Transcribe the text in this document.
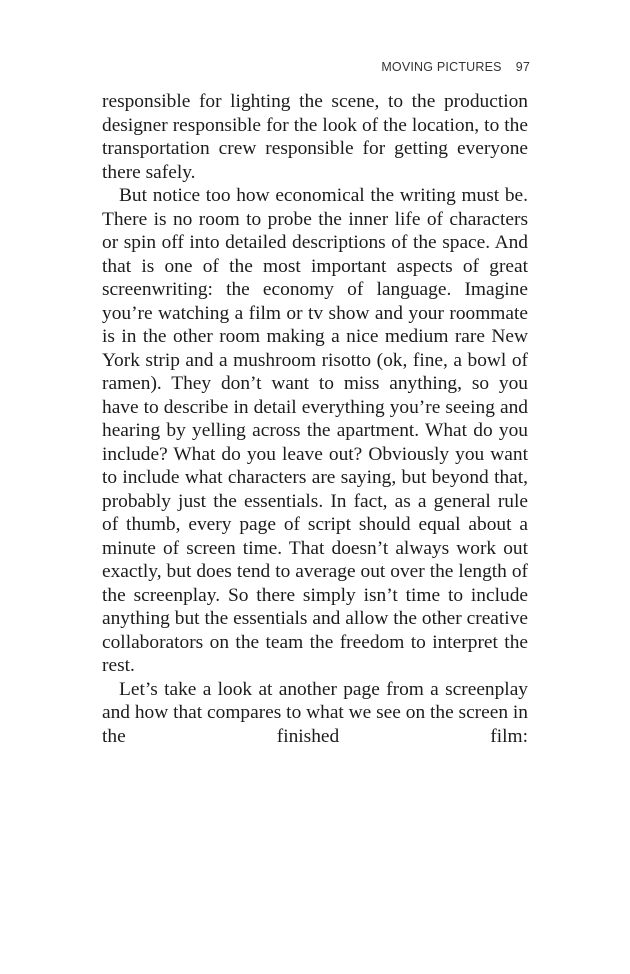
MOVING PICTURES 97

responsible for lighting the scene, to the production designer responsible for the look of the location, to the transportation crew responsible for getting everyone there safely.

But notice too how economical the writing must be. There is no room to probe the inner life of characters or spin off into detailed descriptions of the space. And that is one of the most important aspects of great screenwriting: the economy of language. Imagine you’re watching a film or tv show and your roommate is in the other room making a nice medium rare New York strip and a mushroom risotto (ok, fine, a bowl of ramen). They don’t want to miss anything, so you have to describe in detail everything you’re seeing and hearing by yelling across the apartment. What do you include? What do you leave out? Obviously you want to include what characters are saying, but beyond that, probably just the essentials. In fact, as a general rule of thumb, every page of script should equal about a minute of screen time. That doesn’t always work out exactly, but does tend to average out over the length of the screenplay. So there simply isn’t time to include anything but the essentials and allow the other creative collaborators on the team the freedom to interpret the rest.

Let’s take a look at another page from a screenplay and how that compares to what we see on the screen in the finished film:
